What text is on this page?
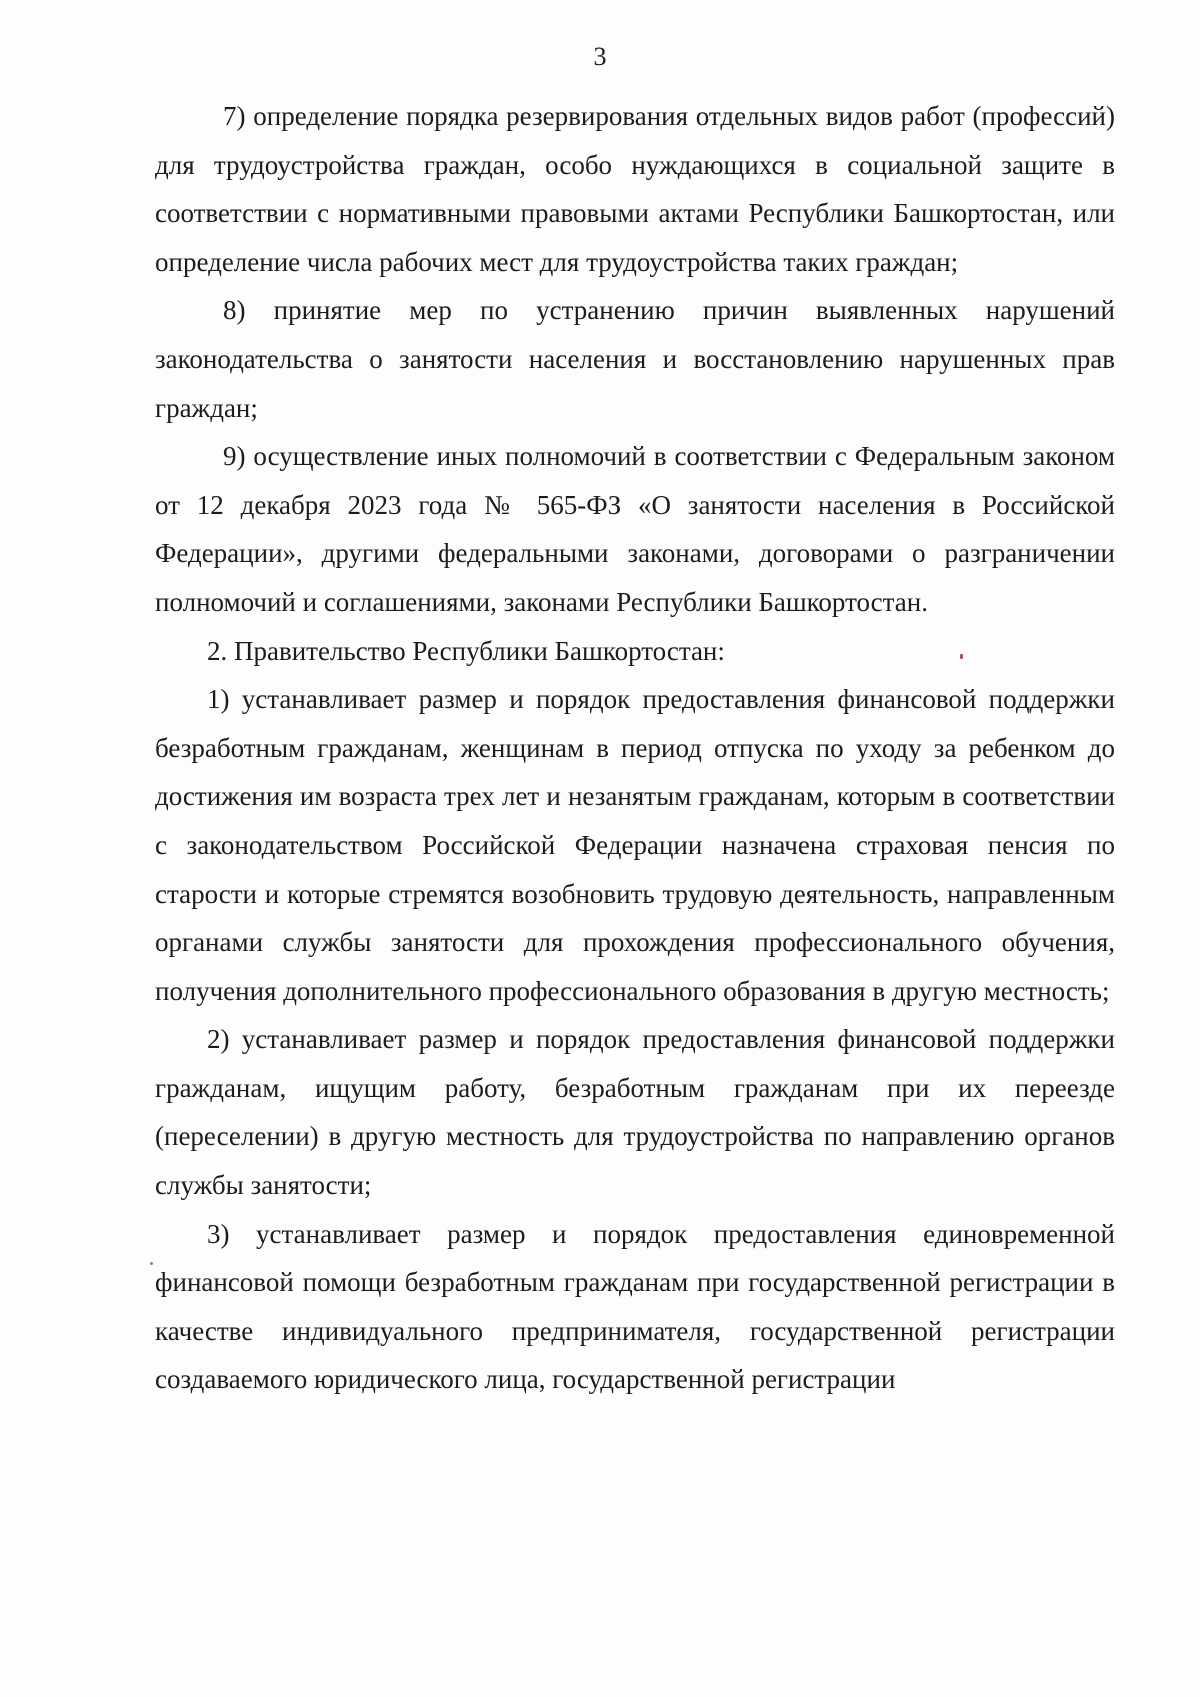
3

7) определение порядка резервирования отдельных видов работ (профессий) для трудоустройства граждан, особо нуждающихся в социальной защите в соответствии с нормативными правовыми актами Республики Башкортостан, или определение числа рабочих мест для трудоустройства таких граждан;

8) принятие мер по устранению причин выявленных нарушений законодательства о занятости населения и восстановлению нарушенных прав граждан;

9) осуществление иных полномочий в соответствии с Федеральным законом от 12 декабря 2023 года № 565-ФЗ «О занятости населения в Российской Федерации», другими федеральными законами, договорами о разграничении полномочий и соглашениями, законами Республики Башкортостан.

2. Правительство Республики Башкортостан:

1) устанавливает размер и порядок предоставления финансовой поддержки безработным гражданам, женщинам в период отпуска по уходу за ребенком до достижения им возраста трех лет и незанятым гражданам, которым в соответствии с законодательством Российской Федерации назначена страховая пенсия по старости и которые стремятся возобновить трудовую деятельность, направленным органами службы занятости для прохождения профессионального обучения, получения дополнительного профессионального образования в другую местность;

2) устанавливает размер и порядок предоставления финансовой поддержки гражданам, ищущим работу, безработным гражданам при их переезде (переселении) в другую местность для трудоустройства по направлению органов службы занятости;

3) устанавливает размер и порядок предоставления единовременной финансовой помощи безработным гражданам при государственной регистрации в качестве индивидуального предпринимателя, государственной регистрации создаваемого юридического лица, государственной регистрации
